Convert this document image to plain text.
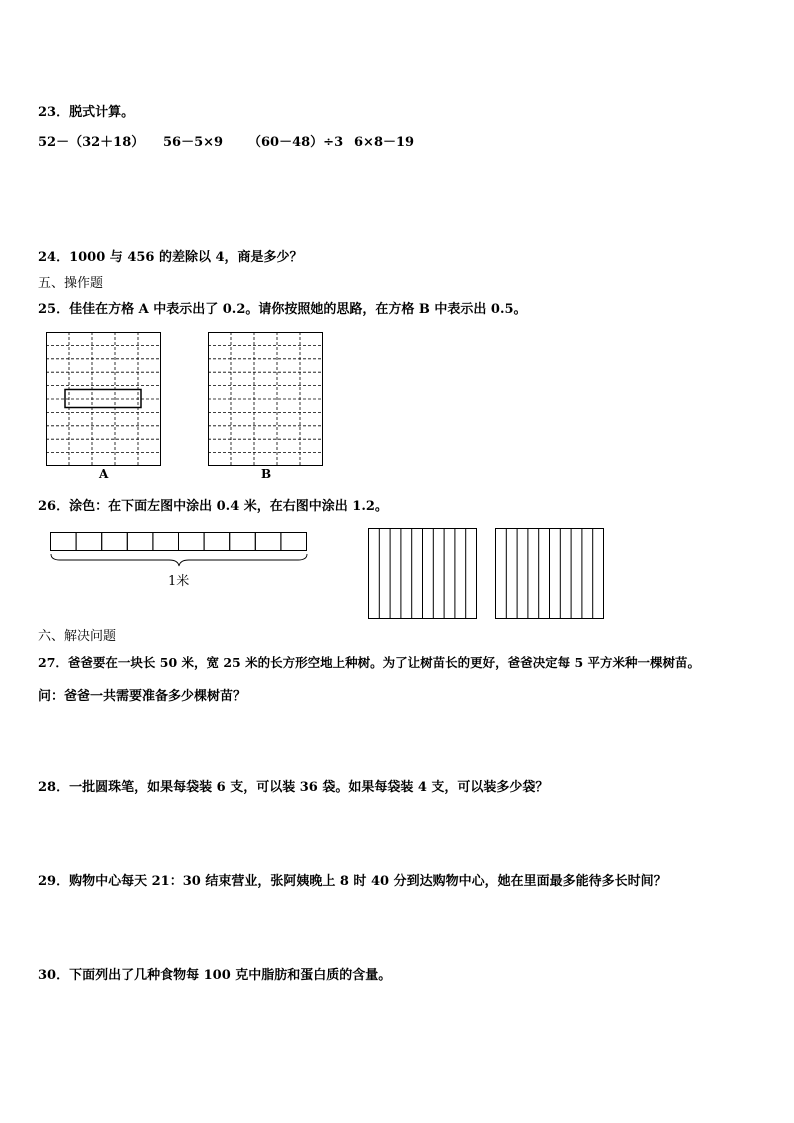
23．脱式计算。
52－（32＋18） 56－5×9 （60－48）÷3 6×8－19
24．1000 与 456 的差除以 4，商是多少？
五、操作题
25．佳佳在方格 A 中表示出了 0.2。请你按照她的思路，在方格 B 中表示出 0.5。
A	B
26．涂色：在下面左图中涂出 0.4 米，在右图中涂出 1.2。
1米
六、解决问题
27．爸爸要在一块长 50 米，宽 25 米的长方形空地上种树。为了让树苗长的更好，爸爸决定每 5 平方米种一棵树苗。
问：爸爸一共需要准备多少棵树苗？
28．一批圆珠笔，如果每袋装 6 支，可以装 36 袋。如果每袋装 4 支，可以装多少袋？
29．购物中心每天 21：30 结束营业，张阿姨晚上 8 时 40 分到达购物中心，她在里面最多能待多长时间？
30．下面列出了几种食物每 100 克中脂肪和蛋白质的含量。
